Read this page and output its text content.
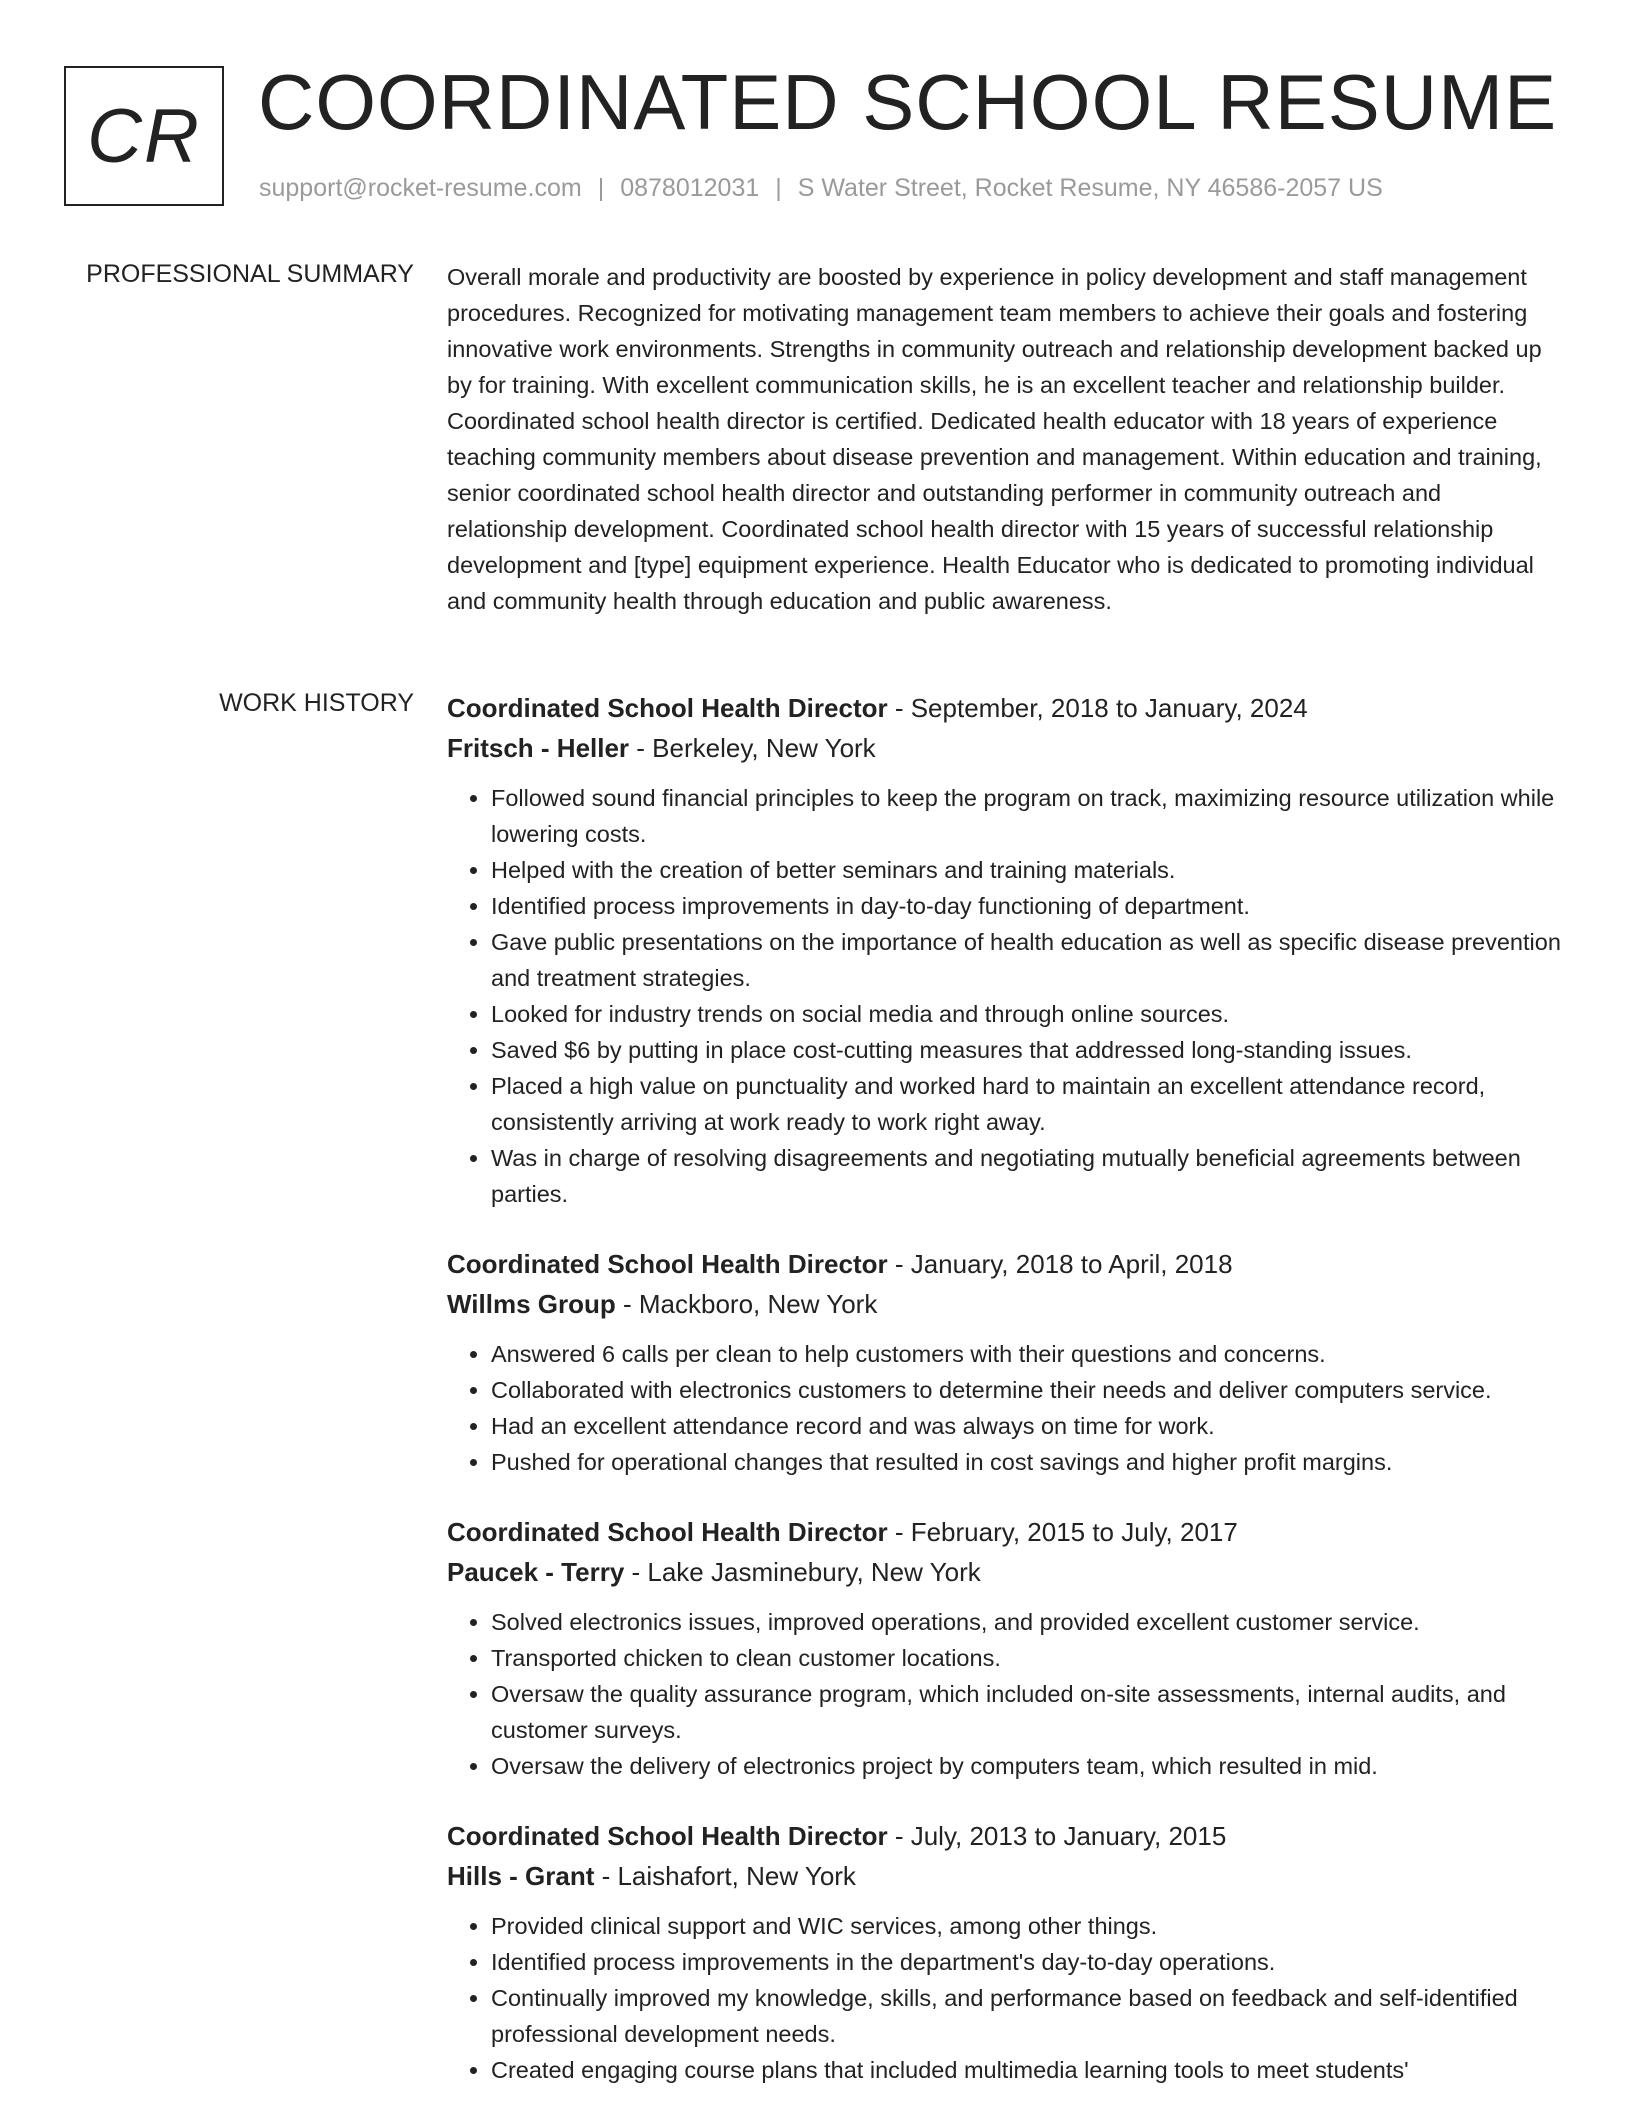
CR COORDINATED SCHOOL RESUME
support@rocket-resume.com | 0878012031 | S Water Street, Rocket Resume, NY 46586-2057 US
PROFESSIONAL SUMMARY Overall morale and productivity are boosted by experience in policy development and staff management procedures. Recognized for motivating management team members to achieve their goals and fostering innovative work environments. Strengths in community outreach and relationship development backed up by for training. With excellent communication skills, he is an excellent teacher and relationship builder. Coordinated school health director is certified. Dedicated health educator with 18 years of experience teaching community members about disease prevention and management. Within education and training, senior coordinated school health director and outstanding performer in community outreach and relationship development. Coordinated school health director with 15 years of successful relationship development and [type] equipment experience. Health Educator who is dedicated to promoting individual and community health through education and public awareness.
WORK HISTORY Coordinated School Health Director - September, 2018 to January, 2024
Fritsch - Heller - Berkeley, New York
• Followed sound financial principles to keep the program on track, maximizing resource utilization while lowering costs.
• Helped with the creation of better seminars and training materials.
• Identified process improvements in day-to-day functioning of department.
• Gave public presentations on the importance of health education as well as specific disease prevention and treatment strategies.
• Looked for industry trends on social media and through online sources.
• Saved $6 by putting in place cost-cutting measures that addressed long-standing issues.
• Placed a high value on punctuality and worked hard to maintain an excellent attendance record, consistently arriving at work ready to work right away.
• Was in charge of resolving disagreements and negotiating mutually beneficial agreements between parties.
Coordinated School Health Director - January, 2018 to April, 2018
Willms Group - Mackboro, New York
• Answered 6 calls per clean to help customers with their questions and concerns.
• Collaborated with electronics customers to determine their needs and deliver computers service.
• Had an excellent attendance record and was always on time for work.
• Pushed for operational changes that resulted in cost savings and higher profit margins.
Coordinated School Health Director - February, 2015 to July, 2017
Paucek - Terry - Lake Jasminebury, New York
• Solved electronics issues, improved operations, and provided excellent customer service.
• Transported chicken to clean customer locations.
• Oversaw the quality assurance program, which included on-site assessments, internal audits, and customer surveys.
• Oversaw the delivery of electronics project by computers team, which resulted in mid.
Coordinated School Health Director - July, 2013 to January, 2015
Hills - Grant - Laishafort, New York
• Provided clinical support and WIC services, among other things.
• Identified process improvements in the department's day-to-day operations.
• Continually improved my knowledge, skills, and performance based on feedback and self-identified professional development needs.
• Created engaging course plans that included multimedia learning tools to meet students'
